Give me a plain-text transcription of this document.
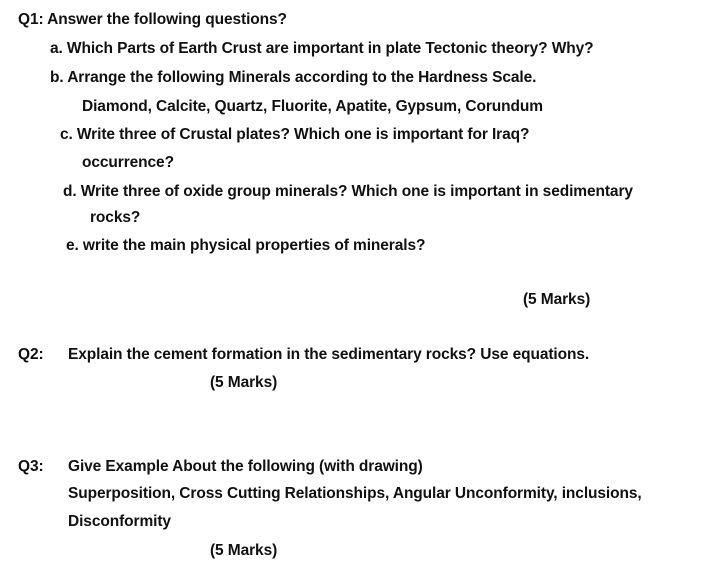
Q1: Answer the following questions?
a. Which Parts of Earth Crust are important in plate Tectonic theory? Why?
b. Arrange the following Minerals according to the Hardness Scale.
Diamond, Calcite, Quartz, Fluorite, Apatite, Gypsum, Corundum
c. Write three of Crustal plates? Which one is important for Iraq?
occurrence?
d. Write three of oxide group minerals? Which one is important in sedimentary
rocks?
e. write the main physical properties of minerals?
(5 Marks)
Q2: Explain the cement formation in the sedimentary rocks? Use equations.
(5 Marks)
Q3: Give Example About the following (with drawing)
Superposition, Cross Cutting Relationships, Angular Unconformity, inclusions,
Disconformity
(5 Marks)
